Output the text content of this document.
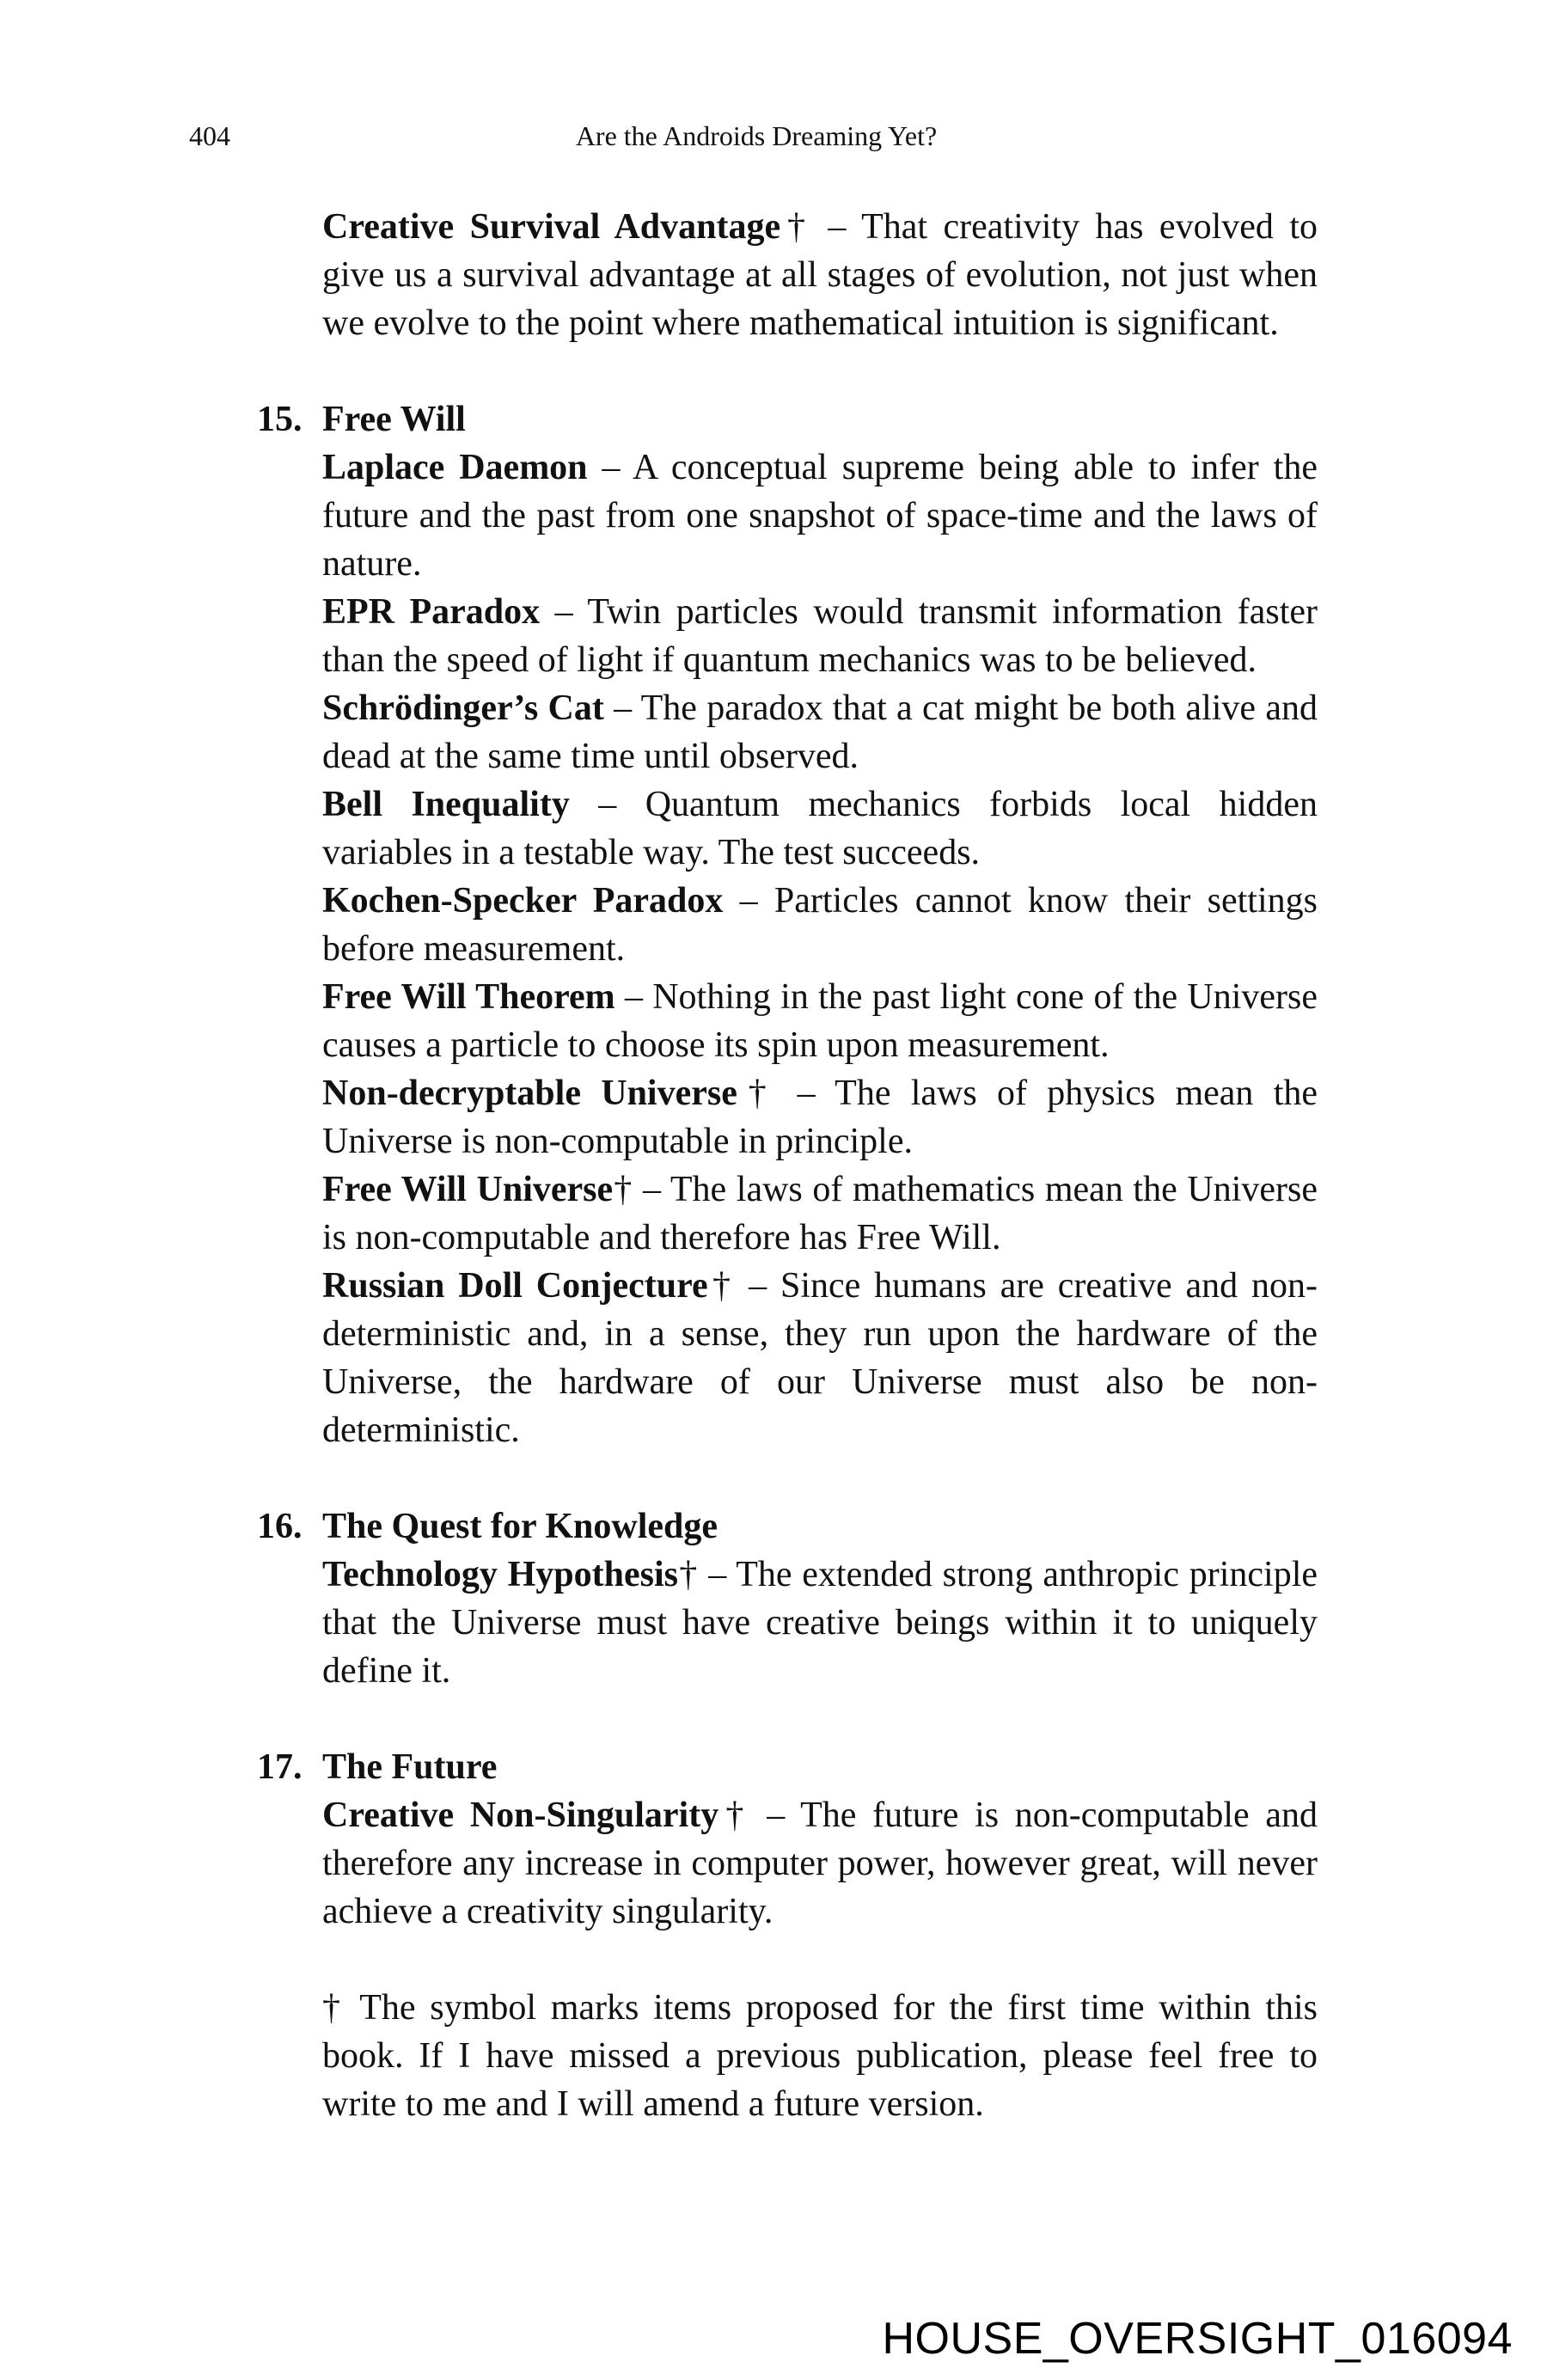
404	Are the Androids Dreaming Yet?

Creative Survival Advantage† – That creativity has evolved to give us a survival advantage at all stages of evolution, not just when we evolve to the point where mathematical intuition is significant.

15. Free Will

Laplace Daemon – A conceptual supreme being able to infer the future and the past from one snapshot of space-time and the laws of nature.

EPR Paradox – Twin particles would transmit information faster than the speed of light if quantum mechanics was to be believed.

Schrödinger’s Cat – The paradox that a cat might be both alive and dead at the same time until observed.

Bell Inequality – Quantum mechanics forbids local hidden variables in a testable way. The test succeeds.

Kochen-Specker Paradox – Particles cannot know their settings before measurement.

Free Will Theorem – Nothing in the past light cone of the Universe causes a particle to choose its spin upon measurement.

Non-decryptable Universe† – The laws of physics mean the Universe is non-computable in principle.

Free Will Universe† – The laws of mathematics mean the Universe is non-computable and therefore has Free Will.

Russian Doll Conjecture† – Since humans are creative and non-deterministic and, in a sense, they run upon the hardware of the Universe, the hardware of our Universe must also be non-deterministic.

16. The Quest for Knowledge

Technology Hypothesis† – The extended strong anthropic principle that the Universe must have creative beings within it to uniquely define it.

17. The Future

Creative Non-Singularity† – The future is non-computable and therefore any increase in computer power, however great, will never achieve a creativity singularity.

† The symbol marks items proposed for the first time within this book. If I have missed a previous publication, please feel free to write to me and I will amend a future version.

HOUSE_OVERSIGHT_016094
